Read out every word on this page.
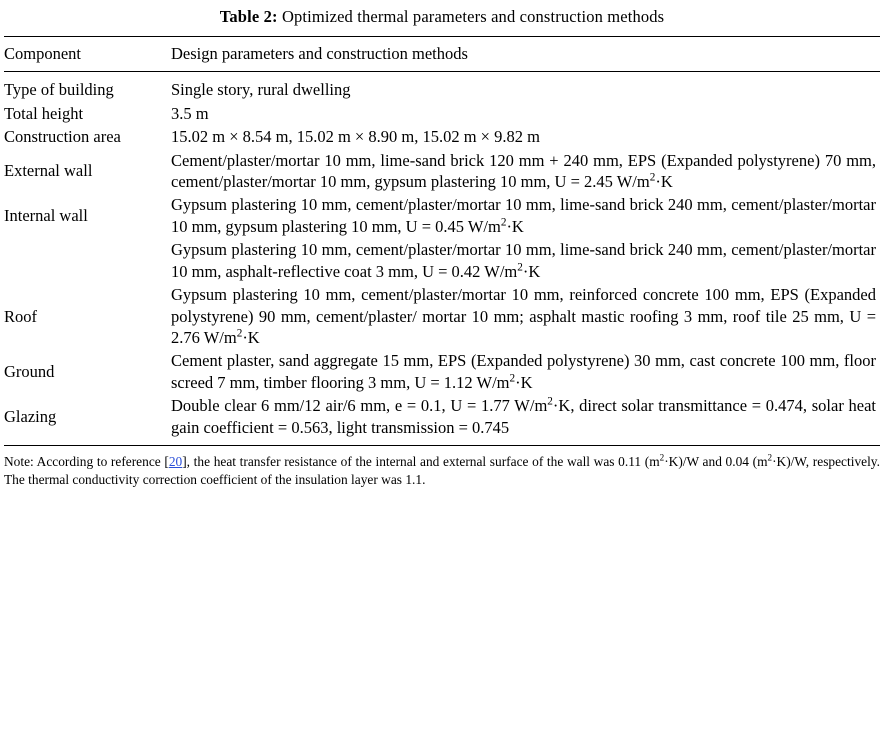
Table 2: Optimized thermal parameters and construction methods
Component	Design parameters and construction methods
Type of building	Single story, rural dwelling
Total height	3.5 m
Construction area	15.02 m × 8.54 m, 15.02 m × 8.90 m, 15.02 m × 9.82 m
External wall	Cement/plaster/mortar 10 mm, lime-sand brick 120 mm + 240 mm, EPS (Expanded polystyrene) 70 mm, cement/plaster/mortar 10 mm, gypsum plastering 10 mm, U = 2.45 $W/m^2\cdot K$
Internal wall	Gypsum plastering 10 mm, cement/plaster/mortar 10 mm, lime-sand brick 240 mm, cement/plaster/mortar 10 mm, gypsum plastering 10 mm, U = 0.45 $W/m^2\cdot K$
	Gypsum plastering 10 mm, cement/plaster/mortar 10 mm, lime-sand brick 240 mm, cement/plaster/mortar 10 mm, asphalt-reflective coat 3 mm, U = 0.42 $W/m^2\cdot K$
Roof	Gypsum plastering 10 mm, cement/plaster/mortar 10 mm, reinforced concrete 100 mm, EPS (Expanded polystyrene) 90 mm, cement/plaster/ mortar 10 mm; asphalt mastic roofing 3 mm, roof tile 25 mm, U = 2.76 $W/m^2\cdot K$
Ground	Cement plaster, sand aggregate 15 mm, EPS (Expanded polystyrene) 30 mm, cast concrete 100 mm, floor screed 7 mm, timber flooring 3 mm, U = 1.12 $W/m^2\cdot K$
Glazing	Double clear 6 mm/12 air/6 mm, e = 0.1, U = 1.77 $W/m^2\cdot K$, direct solar transmittance = 0.474, solar heat gain coefficient = 0.563, light transmission = 0.745
Note: According to reference [20], the heat transfer resistance of the internal and external surface of the wall was 0.11 $(m^2\cdot K)/W$ and 0.04 $(m^2\cdot K)/W$, respectively. The thermal conductivity correction coefficient of the insulation layer was 1.1.
